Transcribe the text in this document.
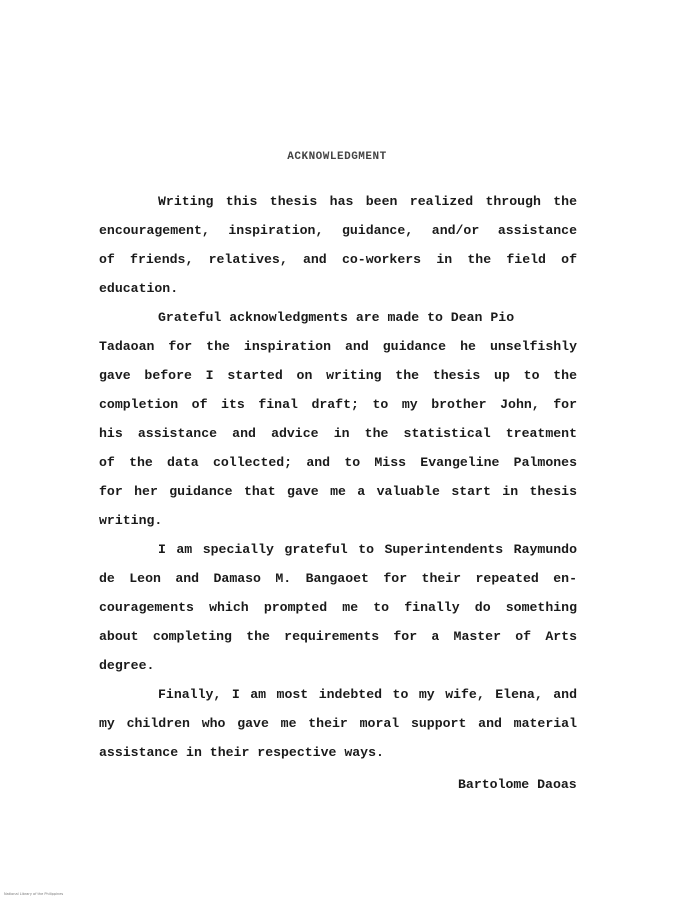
ACKNOWLEDGMENT

Writing this thesis has been realized through the

encouragement, inspiration, guidance, and/or assistance

of friends, relatives, and co-workers in the field of

education.

Grateful acknowledgments are made to Dean Pio

Tadaoan for the inspiration and guidance he unselfishly

gave before I started on writing the thesis up to the

completion of its final draft; to my brother John, for

his assistance and advice in the statistical treatment

of the data collected; and to Miss Evangeline Palmones

for her guidance that gave me a valuable start in thesis

writing.

I am specially grateful to Superintendents Raymundo

de Leon and Damaso M. Bangaoet for their repeated en-

couragements which prompted me to finally do something

about completing the requirements for a Master of Arts

degree.

Finally, I am most indebted to my wife, Elena, and

my children who gave me their moral support and material

assistance in their respective ways.

Bartolome Daoas

National Library of the Philippines
